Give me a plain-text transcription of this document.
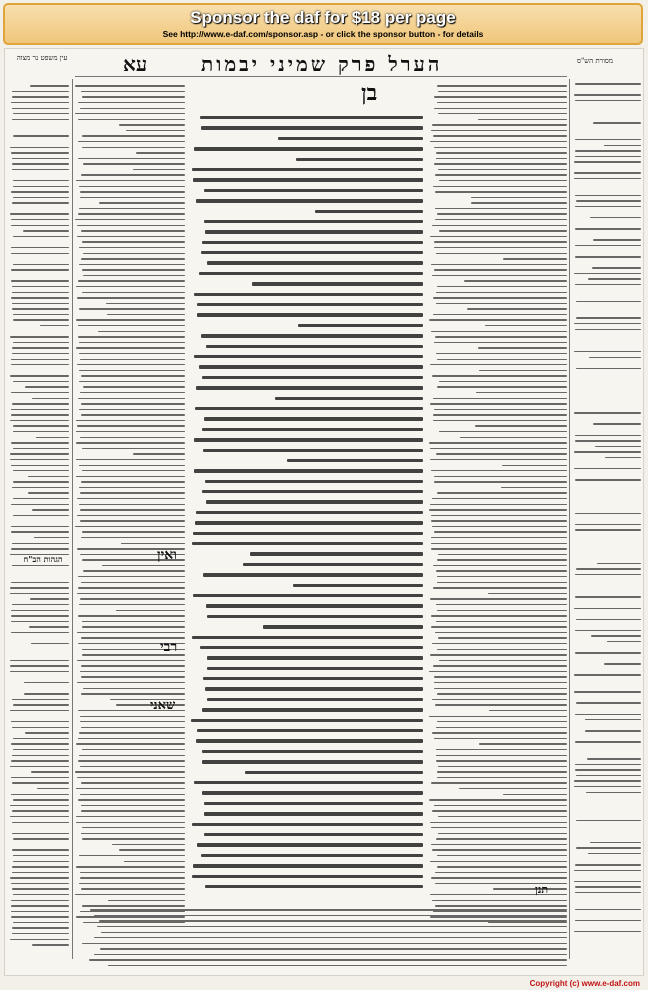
Sponsor the daf for $18 per page
See http://www.e-daf.com/sponsor.asp - or click the sponsor button - for details
עא	הערל פרק שמיני יבמות
עין משפט נר מצוה	מסורת הש"ס
בן
ואין
רבי
שאני
תנן
הגהות הב"ח
Copyright (c) www.e-daf.com
